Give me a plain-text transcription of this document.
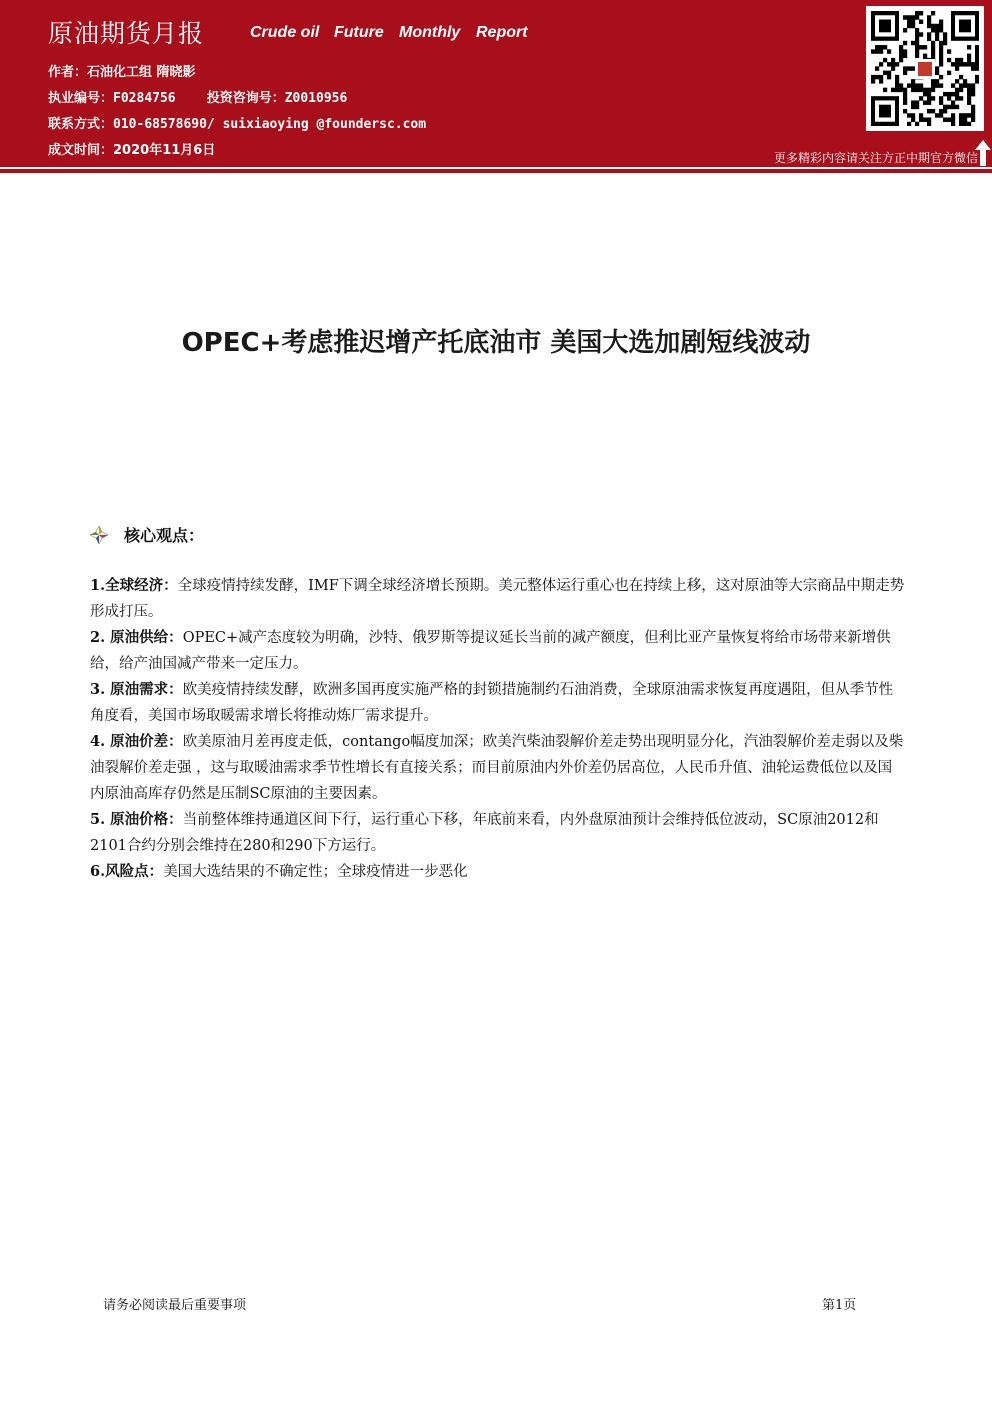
原油期货月报	Crude oil Future Monthly Report
作者：石油化工组 隋晓影
执业编号：F0284756 投资咨询号：Z0010956
联系方式：010-68578690/ suixiaoying @foundersc.com
成文时间：2020年11月6日	更多精彩内容请关注方正中期官方微信
OPEC+考虑推迟增产托底油市 美国大选加剧短线波动
核心观点：

1.全球经济：全球疫情持续发酵，IMF下调全球经济增长预期。美元整体运行重心也在持续上移，这对原油等大宗商品中期走势形成打压。

2. 原油供给：OPEC+减产态度较为明确，沙特、俄罗斯等提议延长当前的减产额度，但利比亚产量恢复将给市场带来新增供给，给产油国减产带来一定压力。

3. 原油需求：欧美疫情持续发酵，欧洲多国再度实施严格的封锁措施制约石油消费，全球原油需求恢复再度遇阻，但从季节性角度看，美国市场取暖需求增长将推动炼厂需求提升。

4. 原油价差：欧美原油月差再度走低，contango幅度加深；欧美汽柴油裂解价差走势出现明显分化，汽油裂解价差走弱以及柴油裂解价差走强 ，这与取暖油需求季节性增长有直接关系；而目前原油内外价差仍居高位，人民币升值、油轮运费低位以及国内原油高库存仍然是压制SC原油的主要因素。

5. 原油价格：当前整体维持通道区间下行，运行重心下移，年底前来看，内外盘原油预计会维持低位波动，SC原油2012和2101合约分别会维持在280和290下方运行。

6.风险点：美国大选结果的不确定性；全球疫情进一步恶化

请务必阅读最后重要事项	第1页
